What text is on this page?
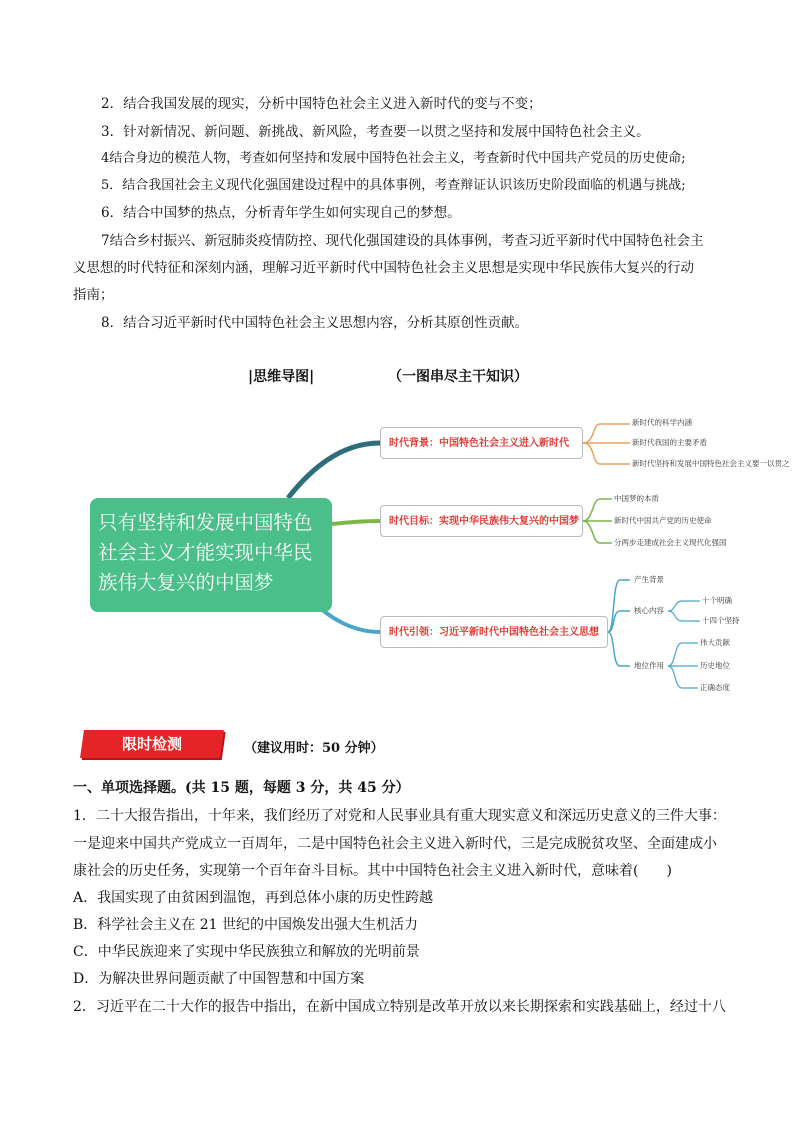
2．结合我国发展的现实，分析中国特色社会主义进入新时代的变与不变；
3．针对新情况、新问题、新挑战、新风险，考查要一以贯之坚持和发展中国特色社会主义。
4结合身边的模范人物，考查如何坚持和发展中国特色社会主义，考查新时代中国共产党员的历史使命;
5．结合我国社会主义现代化强国建设过程中的具体事例，考查辩证认识该历史阶段面临的机遇与挑战;
6．结合中国梦的热点，分析青年学生如何实现自己的梦想。
7结合乡村振兴、新冠肺炎疫情防控、现代化强国建设的具体事例，考查习近平新时代中国特色社会主
义思想的时代特征和深刻内涵，理解习近平新时代中国特色社会主义思想是实现中华民族伟大复兴的行动
指南；
8．结合习近平新时代中国特色社会主义思想内容，分析其原创性贡献。
|思维导图|	（一图串尽主干知识）
只有坚持和发展中国特色
社会主义才能实现中华民
族伟大复兴的中国梦
时代背景：中国特色社会主义进入新时代
时代目标：实现中华民族伟大复兴的中国梦
时代引领：习近平新时代中国特色社会主义思想
新时代的科学内涵
新时代我国的主要矛盾
新时代坚持和发展中国特色社会主义要一以贯之
中国梦的本质
新时代中国共产党的历史使命
分两步走建成社会主义现代化强国
产生背景
核心内容
地位作用
十个明确
十四个坚持
伟大贡献
历史地位
正确态度
限时检测	（建议用时：50 分钟）
一、单项选择题。(共 15 题，每题 3 分，共 45 分）
1．二十大报告指出，十年来，我们经历了对党和人民事业具有重大现实意义和深远历史意义的三件大事：
一是迎来中国共产党成立一百周年，二是中国特色社会主义进入新时代，三是完成脱贫攻坚、全面建成小
康社会的历史任务，实现第一个百年奋斗目标。其中中国特色社会主义进入新时代，意味着(　　)
A．我国实现了由贫困到温饱，再到总体小康的历史性跨越
B．科学社会主义在 21 世纪的中国焕发出强大生机活力
C．中华民族迎来了实现中华民族独立和解放的光明前景
D．为解决世界问题贡献了中国智慧和中国方案
2．习近平在二十大作的报告中指出，在新中国成立特别是改革开放以来长期探索和实践基础上，经过十八
